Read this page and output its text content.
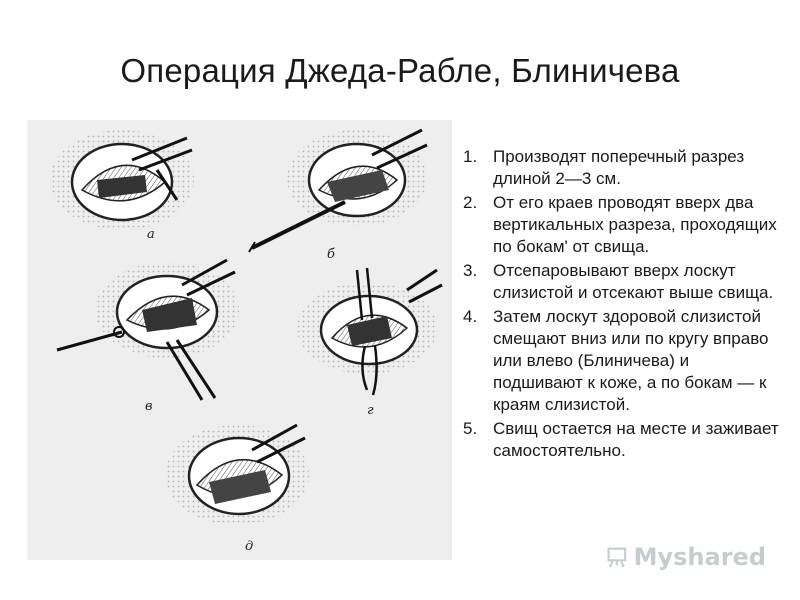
Операция Джеда-Рабле, Блиничева
а
б
в	г
д
1. Производят поперечный разрез длиной 2—3 см.
2. От его краев проводят вверх два вертикальных разреза, проходящих по бокам' от свища.
3. Отсепаровывают вверх лоскут слизистой и отсекают выше свища.
4. Затем лоскут здоровой слизистой смещают вниз или по кругу вправо или влево (Блиничева) и подшивают к коже, а по бокам — к краям слизистой.
5. Свищ остается на месте и заживает самостоятельно.
Myshared
